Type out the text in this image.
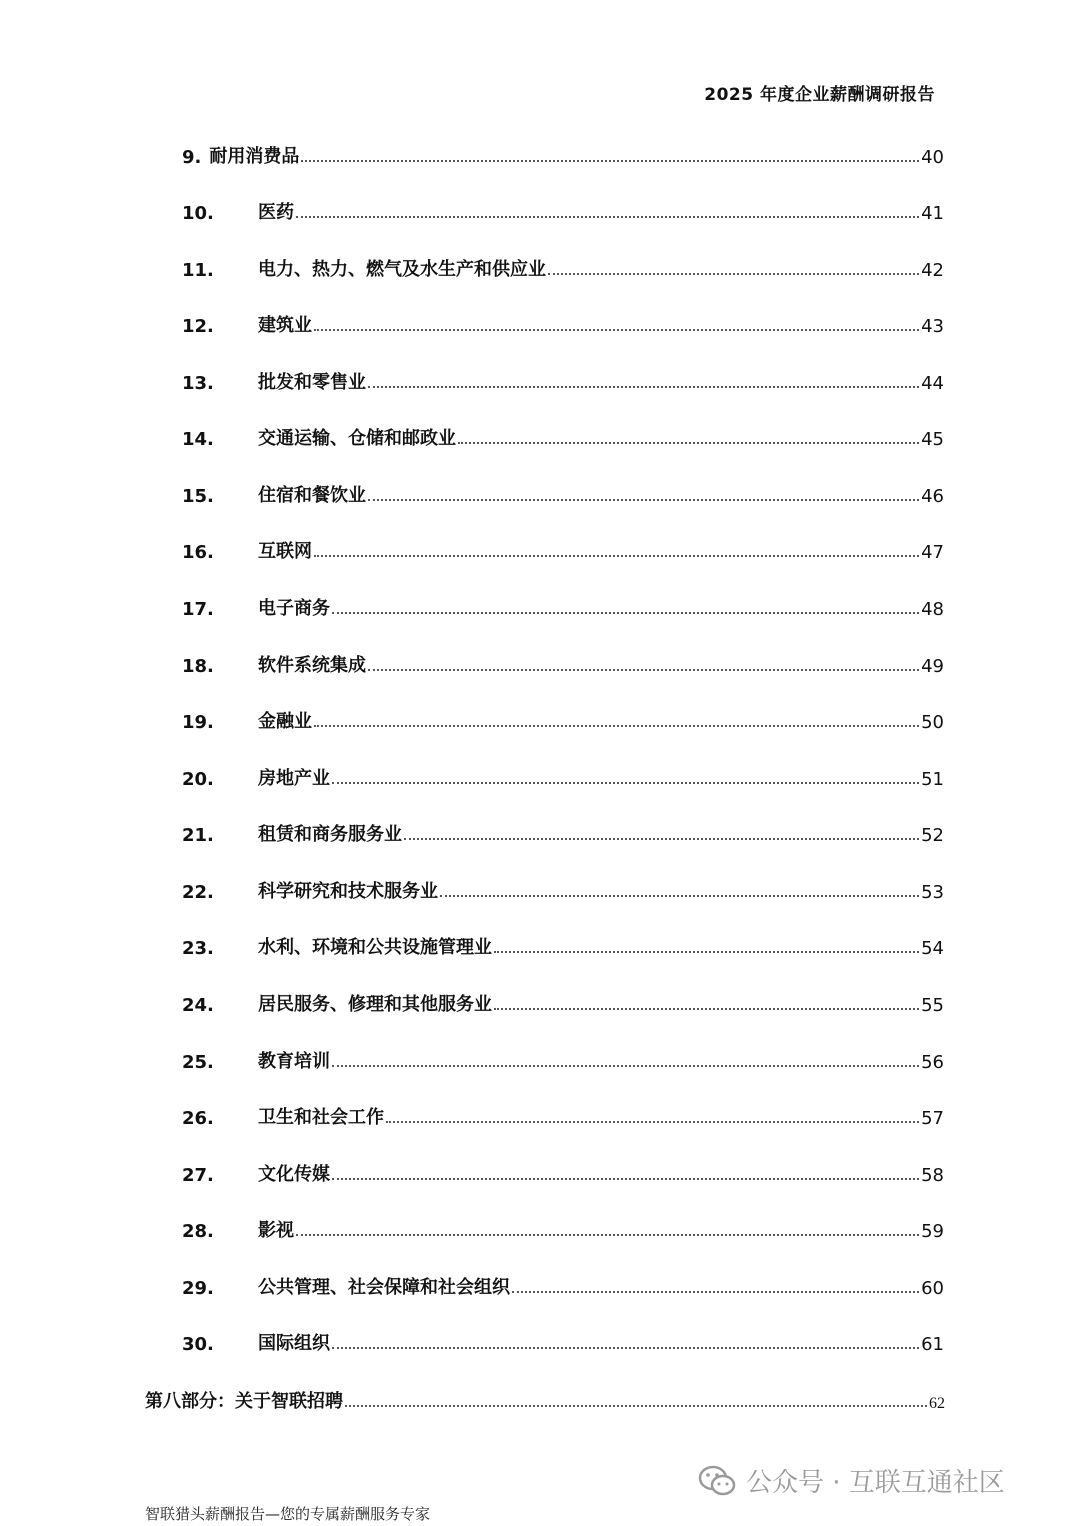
2025 年度企业薪酬调研报告
9. 耐用消费品	40
10.	医药	41
11.	电力、热力、燃气及水生产和供应业	42
12.	建筑业	43
13.	批发和零售业	44
14.	交通运输、仓储和邮政业	45
15.	住宿和餐饮业	46
16.	互联网	47
17.	电子商务	48
18.	软件系统集成	49
19.	金融业	50
20.	房地产业	51
21.	租赁和商务服务业	52
22.	科学研究和技术服务业	53
23.	水利、环境和公共设施管理业	54
24.	居民服务、修理和其他服务业	55
25.	教育培训	56
26.	卫生和社会工作	57
27.	文化传媒	58
28.	影视	59
29.	公共管理、社会保障和社会组织	60
30.	国际组织	61
第八部分：关于智联招聘	62
公众号 · 互联互通社区
智联猎头薪酬报告—您的专属薪酬服务专家
